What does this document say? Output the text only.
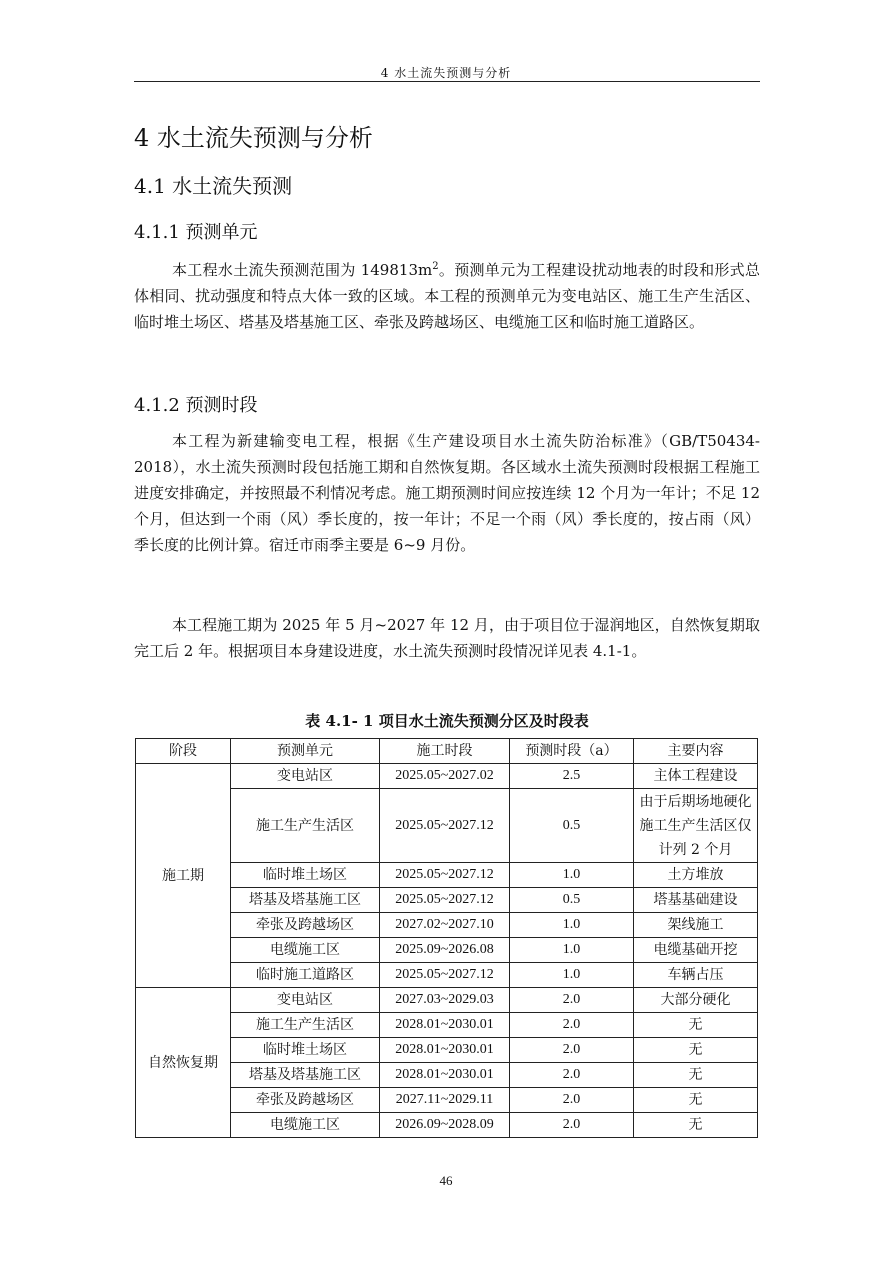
4 水土流失预测与分析
4 水土流失预测与分析
4.1 水土流失预测
4.1.1 预测单元

本工程水土流失预测范围为 $149813m^2$。预测单元为工程建设扰动地表的时段和形式总体相同、扰动强度和特点大体一致的区域。本工程的预测单元为变电站区、施工生产生活区、临时堆土场区、塔基及塔基施工区、牵张及跨越场区、电缆施工区和临时施工道路区。

4.1.2 预测时段

本工程为新建输变电工程，根据《生产建设项目水土流失防治标准》（GB/T50434-2018），水土流失预测时段包括施工期和自然恢复期。各区域水土流失预测时段根据工程施工进度安排确定，并按照最不利情况考虑。施工期预测时间应按连续 12 个月为一年计；不足 12 个月，但达到一个雨（风）季长度的，按一年计；不足一个雨（风）季长度的，按占雨（风）季长度的比例计算。宿迁市雨季主要是 6~9 月份。

本工程施工期为 2025 年 5 月~2027 年 12 月，由于项目位于湿润地区，自然恢复期取完工后 2 年。根据项目本身建设进度，水土流失预测时段情况详见表 4.1-1。

表 4.1- 1 项目水土流失预测分区及时段表
阶段	预测单元	施工时段	预测时段（a）	主要内容
施工期	变电站区	2025.05~2027.02	2.5	主体工程建设
	施工生产生活区	2025.05~2027.12	0.5	由于后期场地硬化施工生产生活区仅计列 2 个月
	临时堆土场区	2025.05~2027.12	1.0	土方堆放
	塔基及塔基施工区	2025.05~2027.12	0.5	塔基基础建设
	牵张及跨越场区	2027.02~2027.10	1.0	架线施工
	电缆施工区	2025.09~2026.08	1.0	电缆基础开挖
	临时施工道路区	2025.05~2027.12	1.0	车辆占压
自然恢复期	变电站区	2027.03~2029.03	2.0	大部分硬化
	施工生产生活区	2028.01~2030.01	2.0	无
	临时堆土场区	2028.01~2030.01	2.0	无
	塔基及塔基施工区	2028.01~2030.01	2.0	无
	牵张及跨越场区	2027.11~2029.11	2.0	无
	电缆施工区	2026.09~2028.09	2.0	无
46
